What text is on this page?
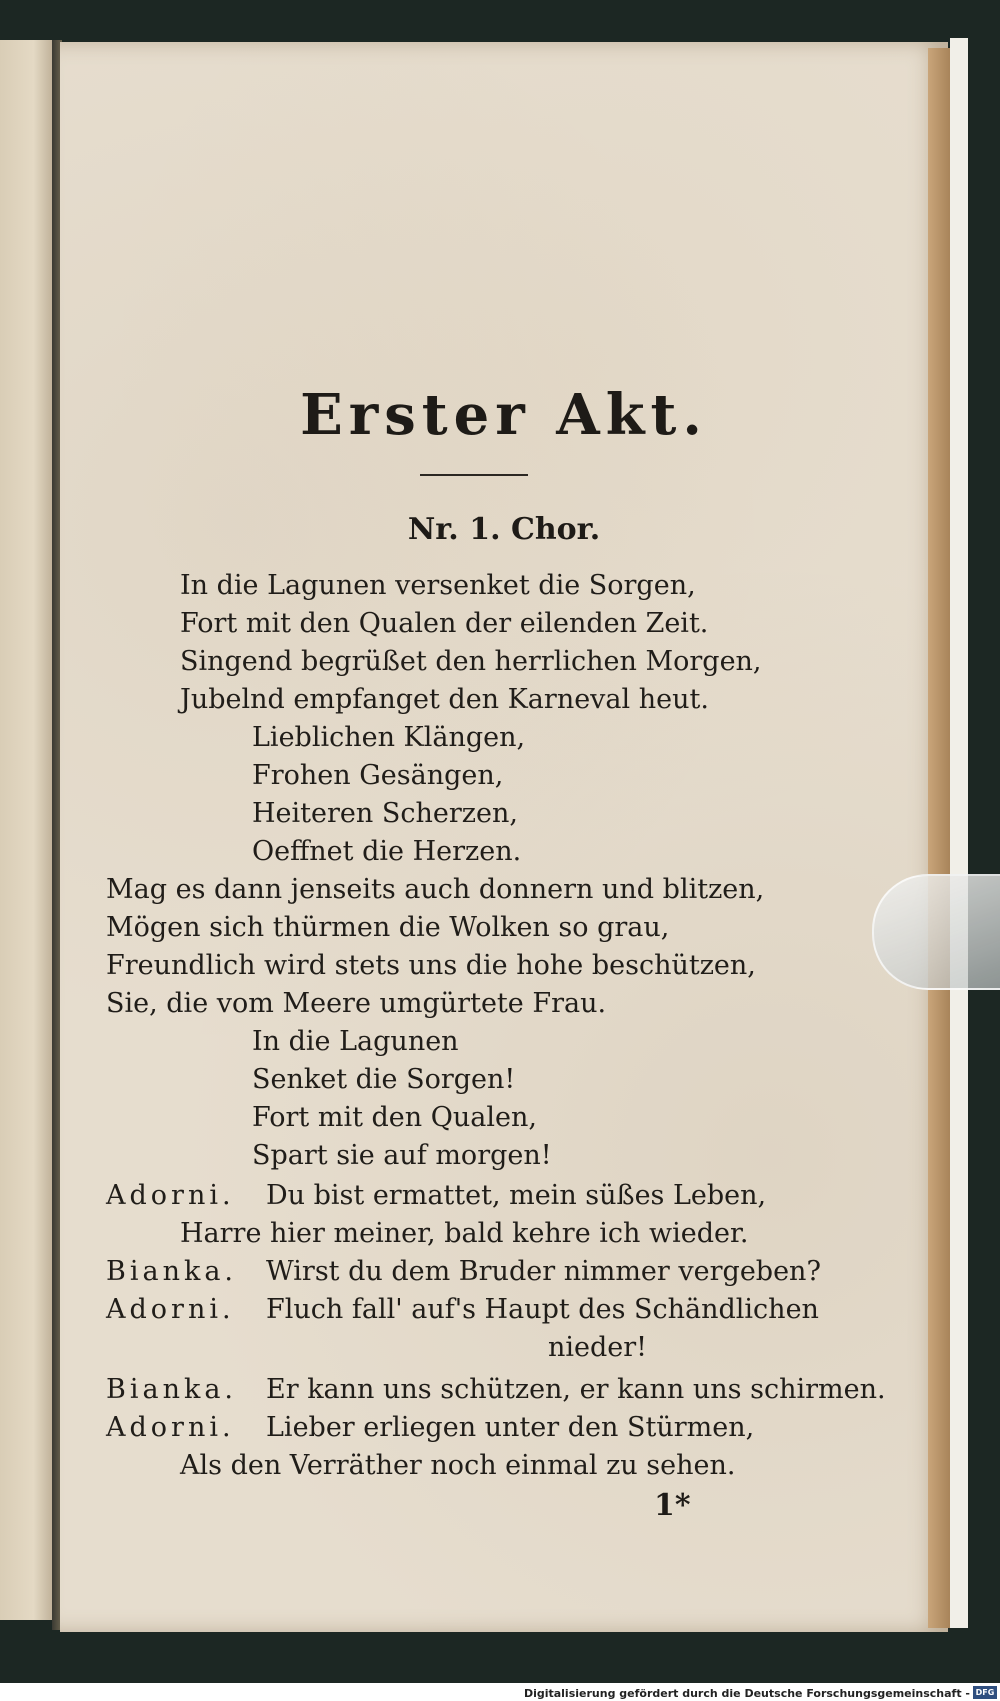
Erster Akt.
Nr. 1. Chor.
In die Lagunen versenket die Sorgen,
Fort mit den Qualen der eilenden Zeit.
Singend begrüßet den herrlichen Morgen,
Jubelnd empfanget den Karneval heut.
Lieblichen Klängen,
Frohen Gesängen,
Heiteren Scherzen,
Oeffnet die Herzen.
Mag es dann jenseits auch donnern und blitzen,
Mögen sich thürmen die Wolken so grau,
Freundlich wird stets uns die hohe beschützen,
Sie, die vom Meere umgürtete Frau.
In die Lagunen
Senket die Sorgen!
Fort mit den Qualen,
Spart sie auf morgen!
Adorni. Du bist ermattet, mein süßes Leben,
Harre hier meiner, bald kehre ich wieder.
Bianka. Wirst du dem Bruder nimmer vergeben?
Adorni. Fluch fall' auf's Haupt des Schändlichen
nieder!
Bianka. Er kann uns schützen, er kann uns schirmen.
Adorni. Lieber erliegen unter den Stürmen,
Als den Verräther noch einmal zu sehen.
1*
Digitalisierung gefördert durch die Deutsche Forschungsgemeinschaft - DFG
